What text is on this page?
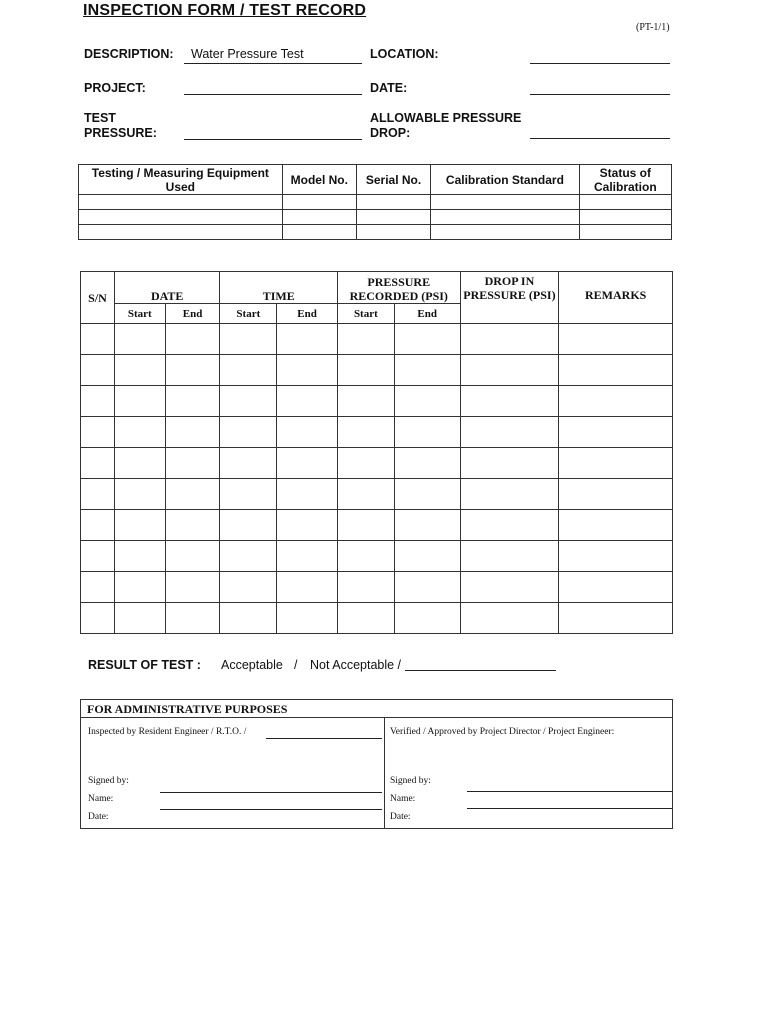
INSPECTION FORM / TEST RECORD
(PT-1/1)
DESCRIPTION: Water Pressure Test	LOCATION:
PROJECT:	DATE:
TEST
PRESSURE:
ALLOWABLE PRESSURE
DROP:
Testing / Measuring Equipment Used	Model No.	Serial No.	Calibration Standard	Status of Calibration

S/N	DATE		TIME		PRESSURE RECORDED (PSI)		DROP IN PRESSURE (PSI)	REMARKS
	Start	End	Start	End	Start	End		

RESULT OF TEST : Acceptable / Not Acceptable /
FOR ADMINISTRATIVE PURPOSES
Inspected by Resident Engineer / R.T.O. /
Signed by:
Name:
Date:
Verified / Approved by Project Director / Project Engineer:
Signed by:
Name:
Date:
